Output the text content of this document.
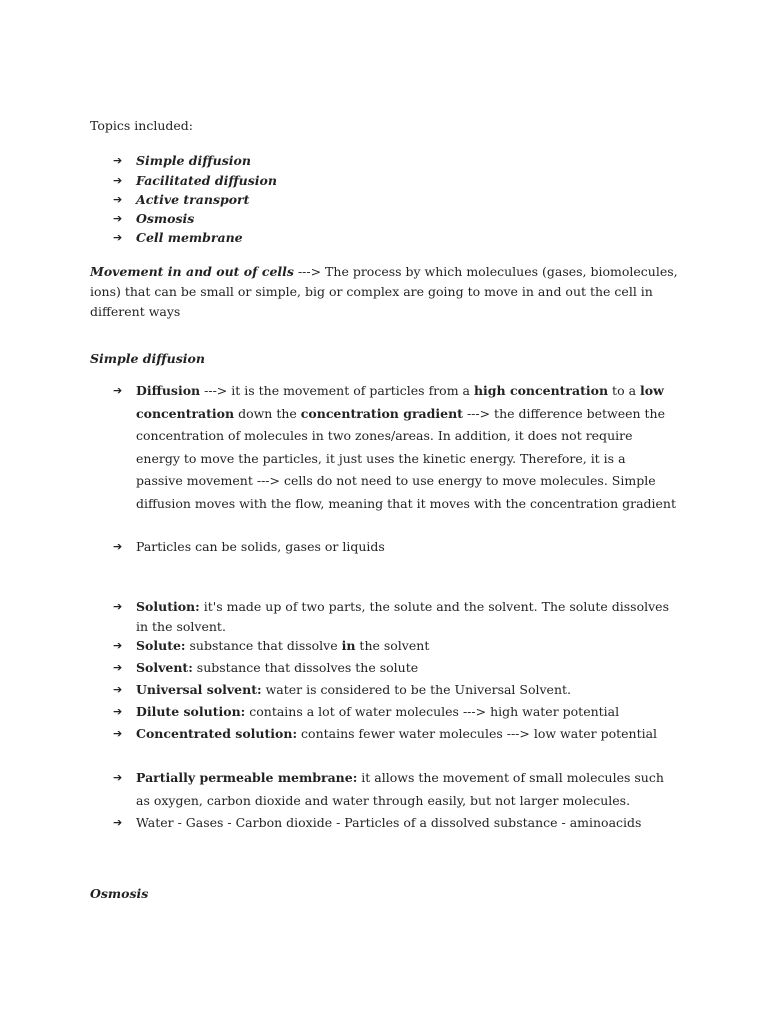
Topics included:
➔ Simple diffusion
➔ Facilitated diffusion
➔ Active transport
➔ Osmosis
➔ Cell membrane
Movement in and out of cells ---> The process by which moleculues (gases, biomolecules, ions) that can be small or simple, big or complex are going to move in and out the cell in different ways
Simple diffusion
➔ Diffusion ---> it is the movement of particles from a high concentration to a low concentration down the concentration gradient ---> the difference between the concentration of molecules in two zones/areas. In addition, it does not require energy to move the particles, it just uses the kinetic energy. Therefore, it is a passive movement ---> cells do not need to use energy to move molecules. Simple diffusion moves with the flow, meaning that it moves with the concentration gradient
➔ Particles can be solids, gases or liquids
➔ Solution: it's made up of two parts, the solute and the solvent. The solute dissolves in the solvent.
➔ Solute: substance that dissolve in the solvent
➔ Solvent: substance that dissolves the solute
➔ Universal solvent: water is considered to be the Universal Solvent.
➔ Dilute solution: contains a lot of water molecules ---> high water potential
➔ Concentrated solution: contains fewer water molecules ---> low water potential
➔ Partially permeable membrane: it allows the movement of small molecules such as oxygen, carbon dioxide and water through easily, but not larger molecules.
➔ Water - Gases - Carbon dioxide - Particles of a dissolved substance - aminoacids
Osmosis
